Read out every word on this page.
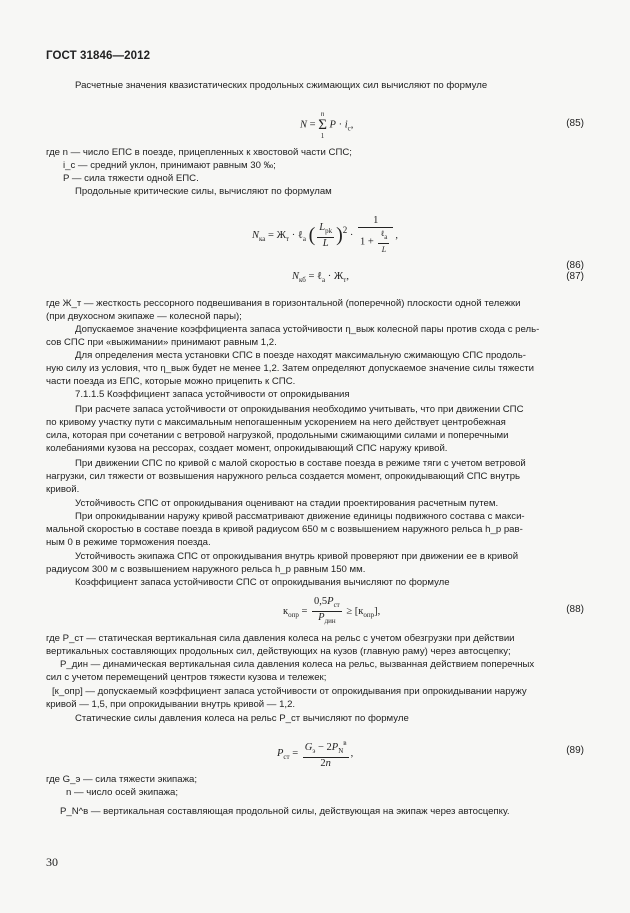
ГОСТ 31846—2012
Расчетные значения квазистатических продольных сжимающих сил вычисляют по формуле
где n — число ЕПС в поезде, прицепленных к хвостовой части СПС;
i_c — средний уклон, принимают равным 30 ‰;
P — сила тяжести одной ЕПС.
Продольные критические силы, вычисляют по формулам
где Ж_т — жесткость рессорного подвешивания в горизонтальной (поперечной) плоскости одной тележки
(при двухосном экипаже — колесной пары);
Допускаемое значение коэффициента запаса устойчивости η_выж колесной пары против схода с рель-
сов СПС при «выжимании» принимают равным 1,2.
Для определения места установки СПС в поезде находят максимальную сжимающую СПС продоль-
ную силу из условия, что η_выж будет не менее 1,2. Затем определяют допускаемое значение силы тяжести
части поезда из ЕПС, которые можно прицепить к СПС.
7.1.1.5 Коэффициент запаса устойчивости от опрокидывания
При расчете запаса устойчивости от опрокидывания необходимо учитывать, что при движении СПС
по кривому участку пути с максимальным непогашенным ускорением на него действует центробежная
сила, которая при сочетании с ветровой нагрузкой, продольными сжимающими силами и поперечными
колебаниями кузова на рессорах, создает момент, опрокидывающий СПС наружу кривой.
При движении СПС по кривой с малой скоростью в составе поезда в режиме тяги с учетом ветровой
нагрузки, сил тяжести от возвышения наружного рельса создается момент, опрокидывающий СПС внутрь
кривой.
Устойчивость СПС от опрокидывания оценивают на стадии проектирования расчетным путем.
При опрокидывании наружу кривой рассматривают движение единицы подвижного состава с макси-
мальной скоростью в составе поезда в кривой радиусом 650 м с возвышением наружного рельса h_р рав-
ным 0 в режиме торможения поезда.
Устойчивость экипажа СПС от опрокидывания внутрь кривой проверяют при движении ее в кривой
радиусом 300 м с возвышением наружного рельса h_р равным 150 мм.
Коэффициент запаса устойчивости СПС от опрокидывания вычисляют по формуле
где P_ст — статическая вертикальная сила давления колеса на рельс с учетом обезгрузки при действии
вертикальных составляющих продольных сил, действующих на кузов (главную раму) через автосцепку;
P_дин — динамическая вертикальная сила давления колеса на рельс, вызванная действием поперечных
сил с учетом перемещений центров тяжести кузова и тележек;
[к_опр] — допускаемый коэффициент запаса устойчивости от опрокидывания при опрокидывании наружу
кривой — 1,5, при опрокидывании внутрь кривой — 1,2.
Статические силы давления колеса на рельс P_ст вычисляют по формуле
где G_э — сила тяжести экипажа;
n — число осей экипажа;
P_N^в — вертикальная составляющая продольной силы, действующая на экипаж через автосцепку.
N =
n
Σ
1
$P \cdot i_с$,	(85)
$N_{ка} = Ж_т$ · ℓ$_а$ ( $\frac{L_{рk}}{L} )2 \cdot \frac{1}{1 + \frac{\text{ℓа}}{L}}$ ,
(86)
$N_{кб}$ = ℓ$_а$ · $Ж_т$,	(87)
$к_{опр} = \frac{0,5P_{ст}}{P_{дин}} \ge [к_{опр}]$,	(88)
$P_{ст} = \frac{G_э - 2P_N^в}{2n}$ ,	(89)
30
